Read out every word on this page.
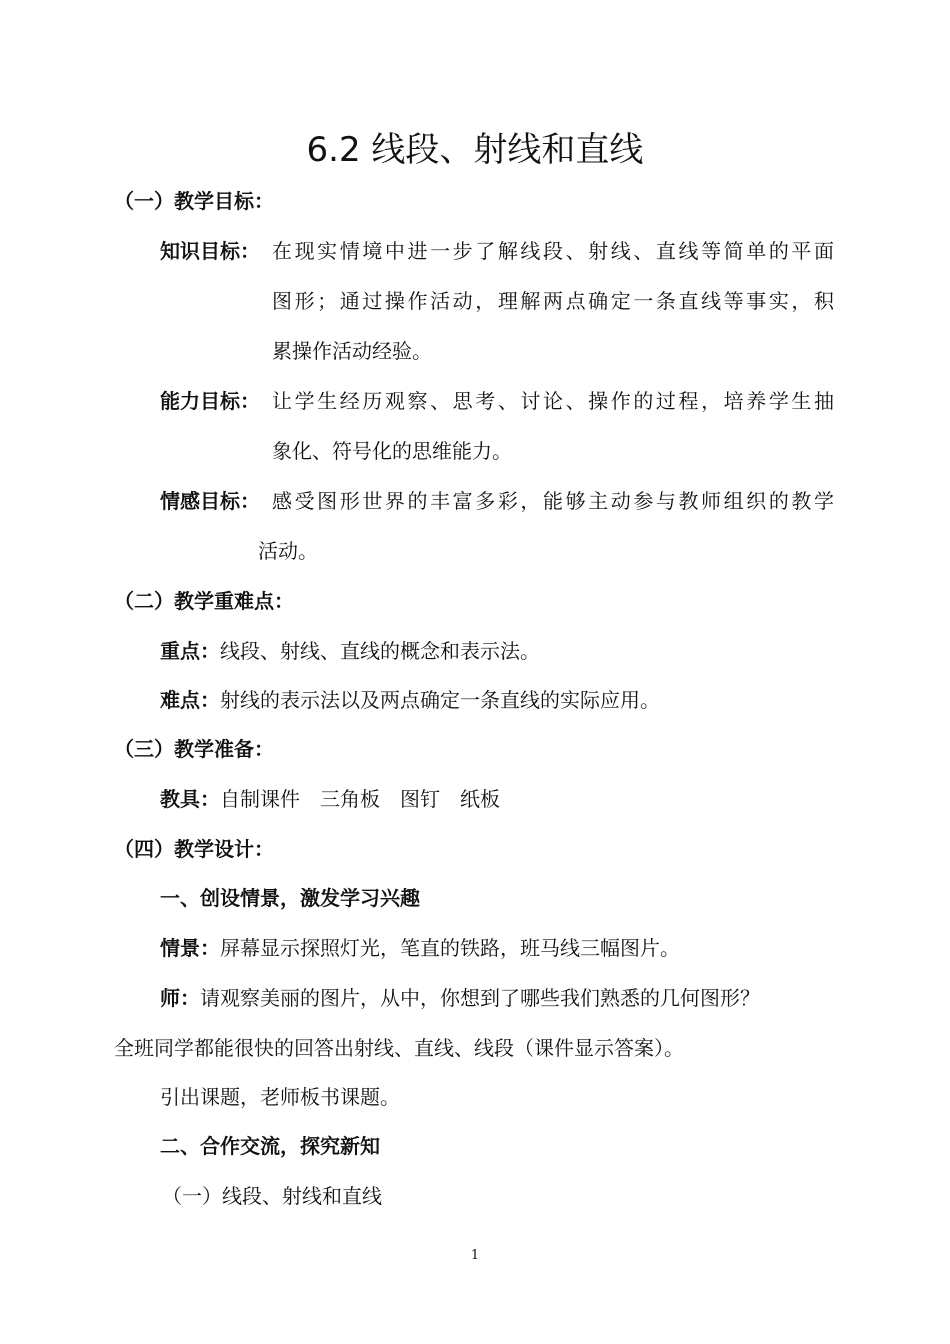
6.2 线段、射线和直线
（一）教学目标：
知识目标： 在现实情境中进一步了解线段、射线、直线等简单的平面
图形；通过操作活动，理解两点确定一条直线等事实，积
累操作活动经验。
能力目标： 让学生经历观察、思考、讨论、操作的过程，培养学生抽
象化、符号化的思维能力。
情感目标： 感受图形世界的丰富多彩，能够主动参与教师组织的教学
活动。
（二）教学重难点：
重点：线段、射线、直线的概念和表示法。
难点：射线的表示法以及两点确定一条直线的实际应用。
（三）教学准备：
教具：自制课件　三角板　图钉　纸板
（四）教学设计：
一、创设情景，激发学习兴趣
情景：屏幕显示探照灯光，笔直的铁路，班马线三幅图片。
师：请观察美丽的图片，从中，你想到了哪些我们熟悉的几何图形？
全班同学都能很快的回答出射线、直线、线段（课件显示答案）。
引出课题，老师板书课题。
二、合作交流，探究新知
（一）线段、射线和直线
1
